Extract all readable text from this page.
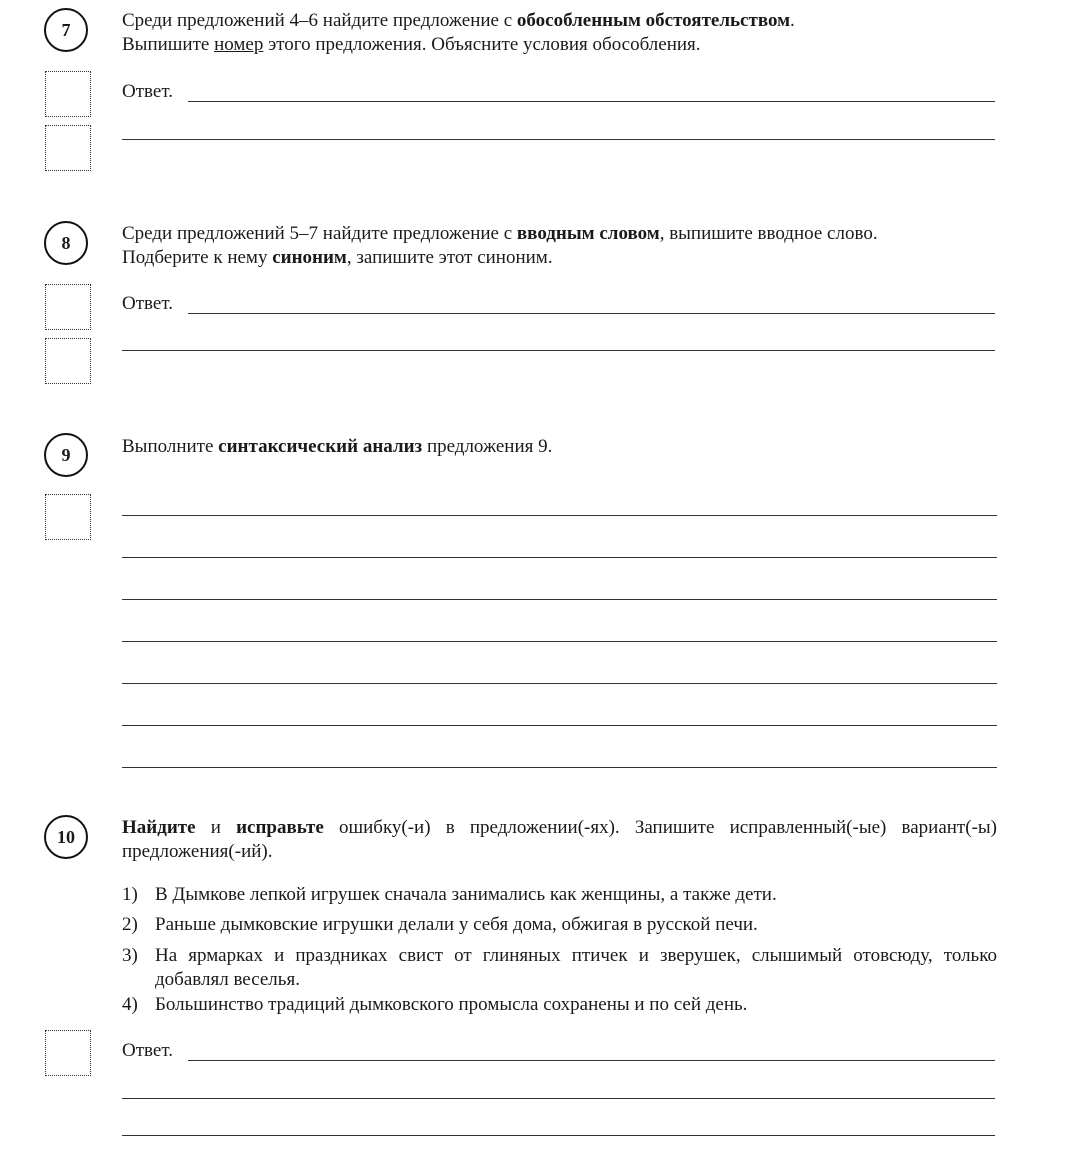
7	Среди предложений 4–6 найдите предложение с обособленным обстоятельством.
Выпишите номер этого предложения. Объясните условия обособления.
Ответ.
8	Среди предложений 5–7 найдите предложение с вводным словом, выпишите вводное слово.
Подберите к нему синоним, запишите этот синоним.
Ответ.
9	Выполните синтаксический анализ предложения 9.
10 Найдите и исправьте ошибку(-и) в предложении(-ях). Запишите исправленный(-ые) вариант(-ы) предложения(-ий).
1) В Дымкове лепкой игрушек сначала занимались как женщины, а также дети.
2) Раньше дымковские игрушки делали у себя дома, обжигая в русской печи.
3) На ярмарках и праздниках свист от глиняных птичек и зверушек, слышимый отовсюду, только добавлял веселья.
4) Большинство традиций дымковского промысла сохранены и по сей день.
Ответ.
